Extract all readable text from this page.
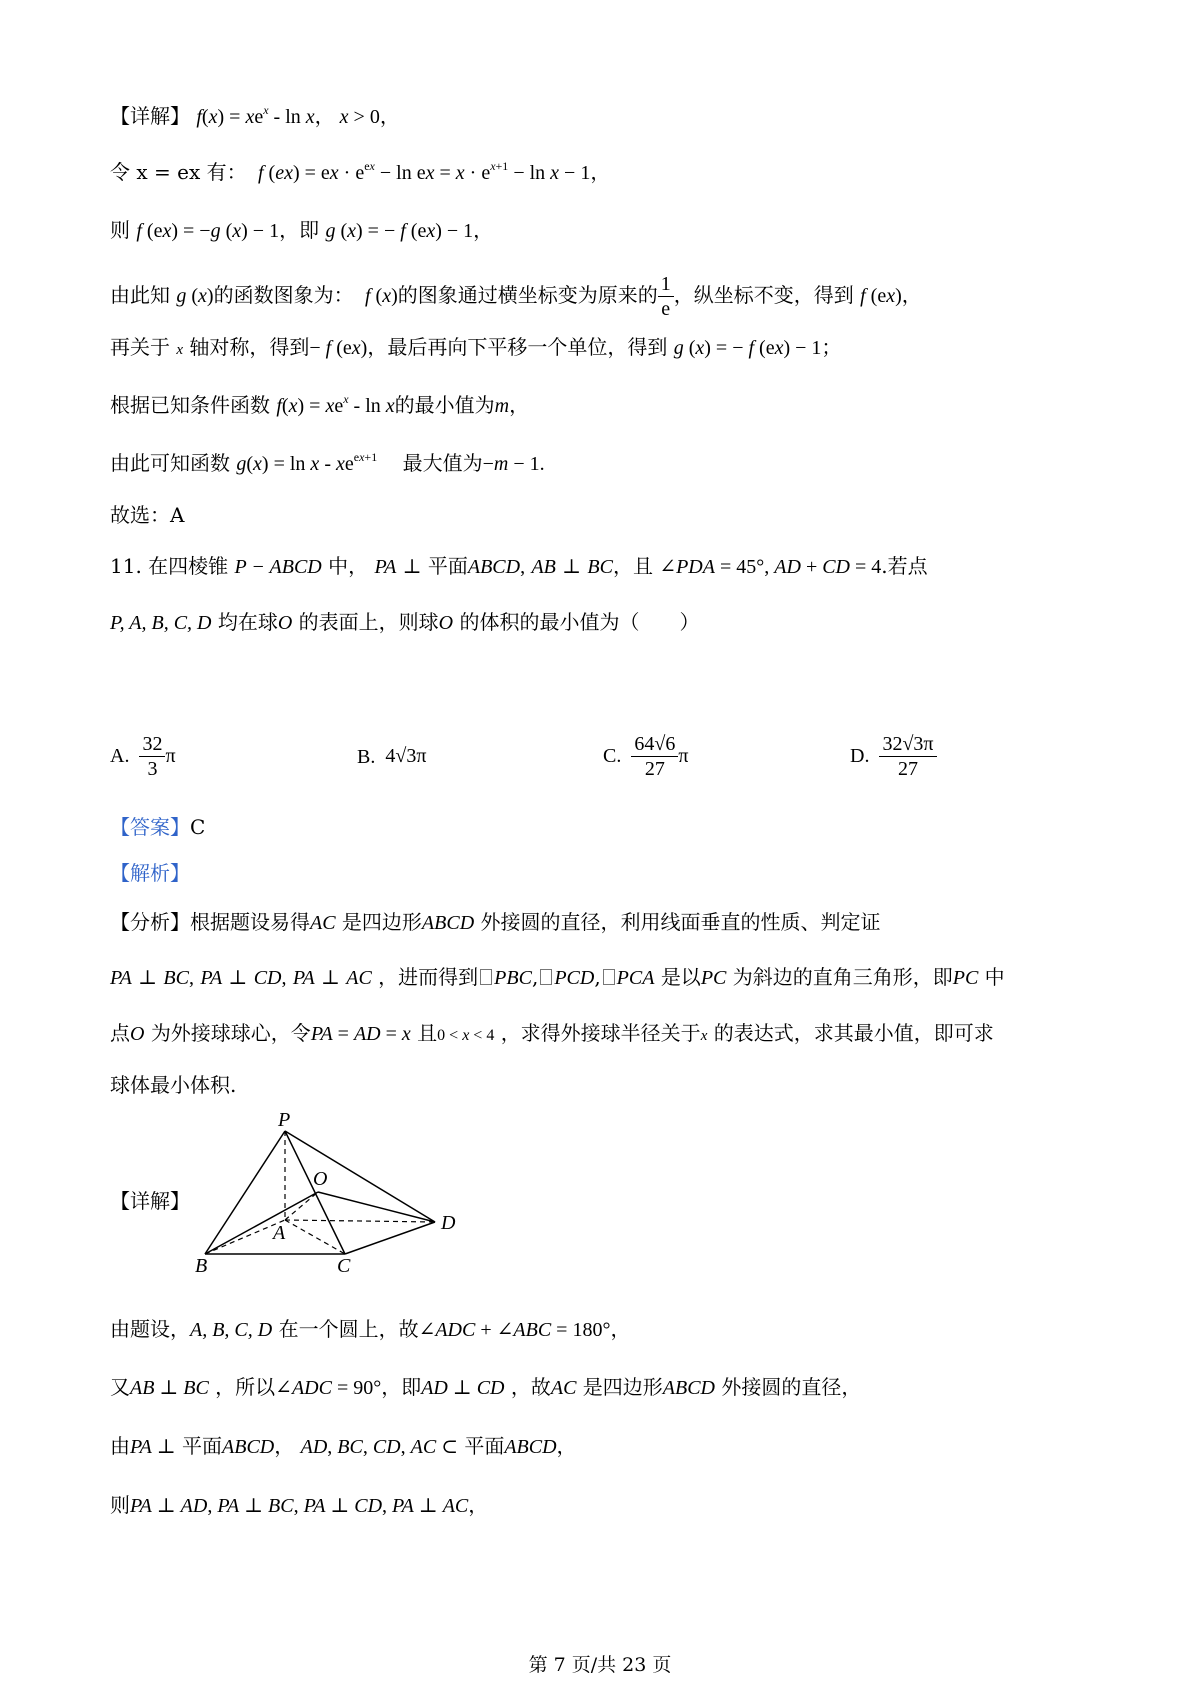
【详解】 $f(x) = xe^x - \ln x$， x > 0，
令 x = ex 有： f (ex) = ex · $e^{ex} - \ln$ ex = $x \cdot e^{x+1} - \ln x - 1$，
则 f (ex) = −g (x) − 1，即 g (x) = − f (ex) − 1，
由此知 g (x)的函数图象为： f (x)的图象通过横坐标变为原来的 $\frac{1}{e}$ ，纵坐标不变，得到 f (ex)，
再关于 x 轴对称，得到− f (ex)，最后再向下平移一个单位，得到 g (x) = − f (ex) − 1；
根据已知条件函数 $f(x) = xe^x - \ln x$的最小值为m，
由此可知函数 $g(x) = \ln x - xe^{ex+1}$ 最大值为−m − 1.
故选：A
11. 在四棱锥 P − ABCD 中， PA ⊥ 平面ABCD, AB ⊥ BC，且 ∠PDA = 45°, AD + CD = 4.若点
P, A, B, C, D 均在球O 的表面上，则球O 的体积的最小值为（　　）
A. $\frac{32}{3}$ π	B. 4√3π	C. $\frac{64√6}{27}$ π	D. $\frac{32√3\pi}{27}$
【答案】C
【解析】
【分析】根据题设易得AC 是四边形ABCD 外接圆的直径，利用线面垂直的性质、判定证
PA ⊥ BC, PA ⊥ CD, PA ⊥ AC ，进而得到 PBC, PCD, PCA 是以PC 为斜边的直角三角形，即PC 中
点O 为外接球球心，令PA = AD = x 且0 < x < 4 ，求得外接球半径关于x 的表达式，求其最小值，即可求
球体最小体积.
【详解】
P
O
A
B	C
D
由题设，A, B, C, D 在一个圆上，故∠ADC + ∠ABC = 180°，
又AB ⊥ BC ，所以∠ADC = 90°，即AD ⊥ CD ，故AC 是四边形ABCD 外接圆的直径，
由PA ⊥ 平面ABCD， AD, BC, CD, AC ⊂ 平面ABCD，
则PA ⊥ AD, PA ⊥ BC, PA ⊥ CD, PA ⊥ AC，
第 7 页/共 23 页
